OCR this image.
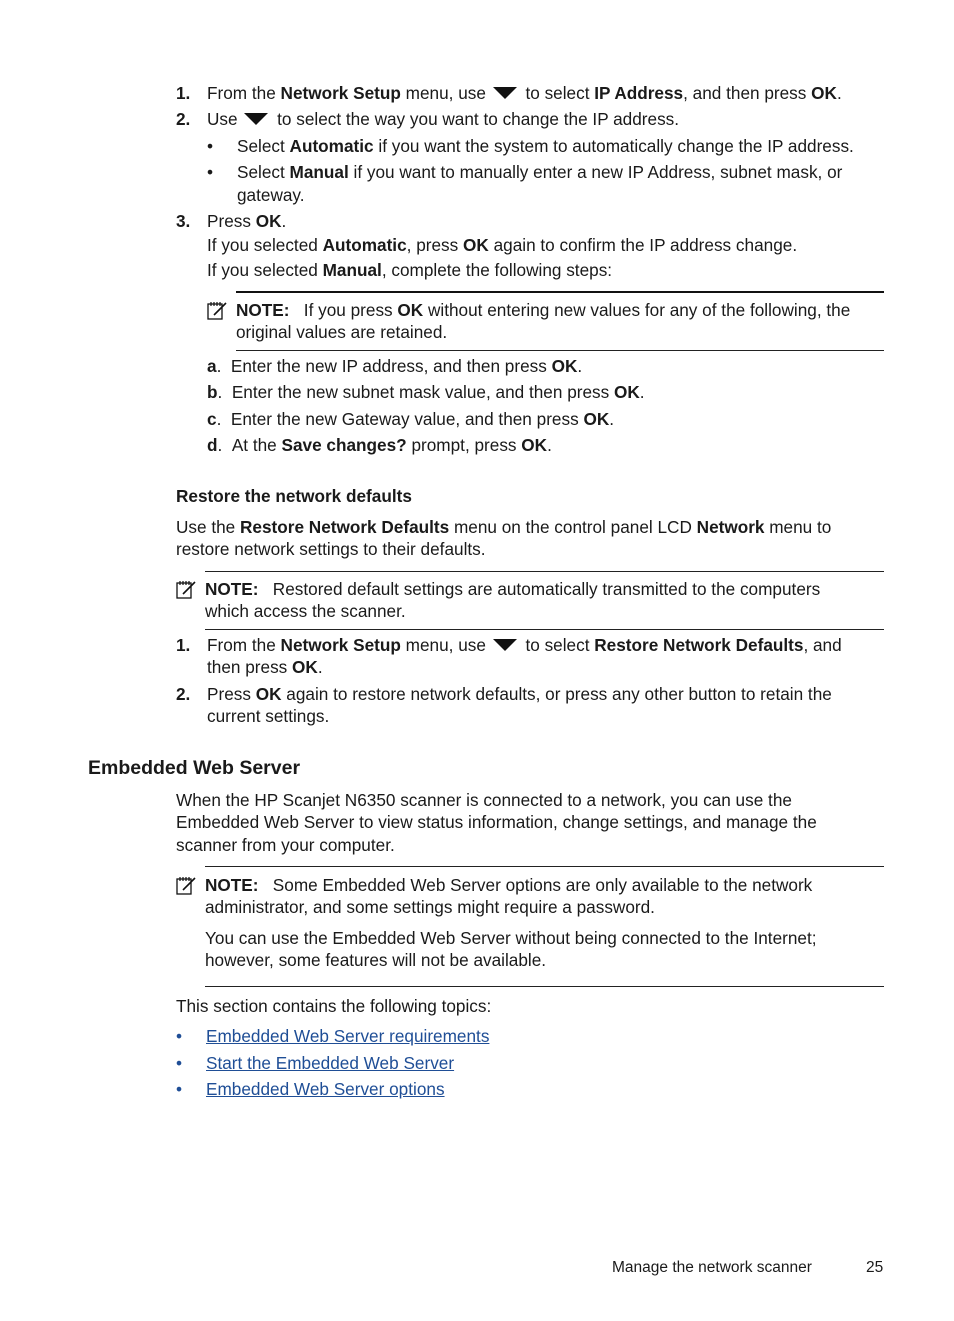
1. From the Network Setup menu, use  to select IP Address, and then press OK.
2. Use  to select the way you want to change the IP address.
• Select Automatic if you want the system to automatically change the IP address.
• Select Manual if you want to manually enter a new IP Address, subnet mask, or
gateway.
3. Press OK.
If you selected Automatic, press OK again to confirm the IP address change.
If you selected Manual, complete the following steps:
NOTE: If you press OK without entering new values for any of the following, the
original values are retained.
a.  Enter the new IP address, and then press OK.
b.  Enter the new subnet mask value, and then press OK.
c.  Enter the new Gateway value, and then press OK.
d.  At the Save changes? prompt, press OK.
Restore the network defaults
Use the Restore Network Defaults menu on the control panel LCD Network menu to
restore network settings to their defaults.
NOTE: Restored default settings are automatically transmitted to the computers
which access the scanner.
1. From the Network Setup menu, use  to select Restore Network Defaults, and
then press OK.
2. Press OK again to restore network defaults, or press any other button to retain the
current settings.
Embedded Web Server
When the HP Scanjet N6350 scanner is connected to a network, you can use the
Embedded Web Server to view status information, change settings, and manage the
scanner from your computer.
NOTE: Some Embedded Web Server options are only available to the network
administrator, and some settings might require a password.
You can use the Embedded Web Server without being connected to the Internet;
however, some features will not be available.
This section contains the following topics:
• Embedded Web Server requirements
• Start the Embedded Web Server
• Embedded Web Server options
Manage the network scanner	25
